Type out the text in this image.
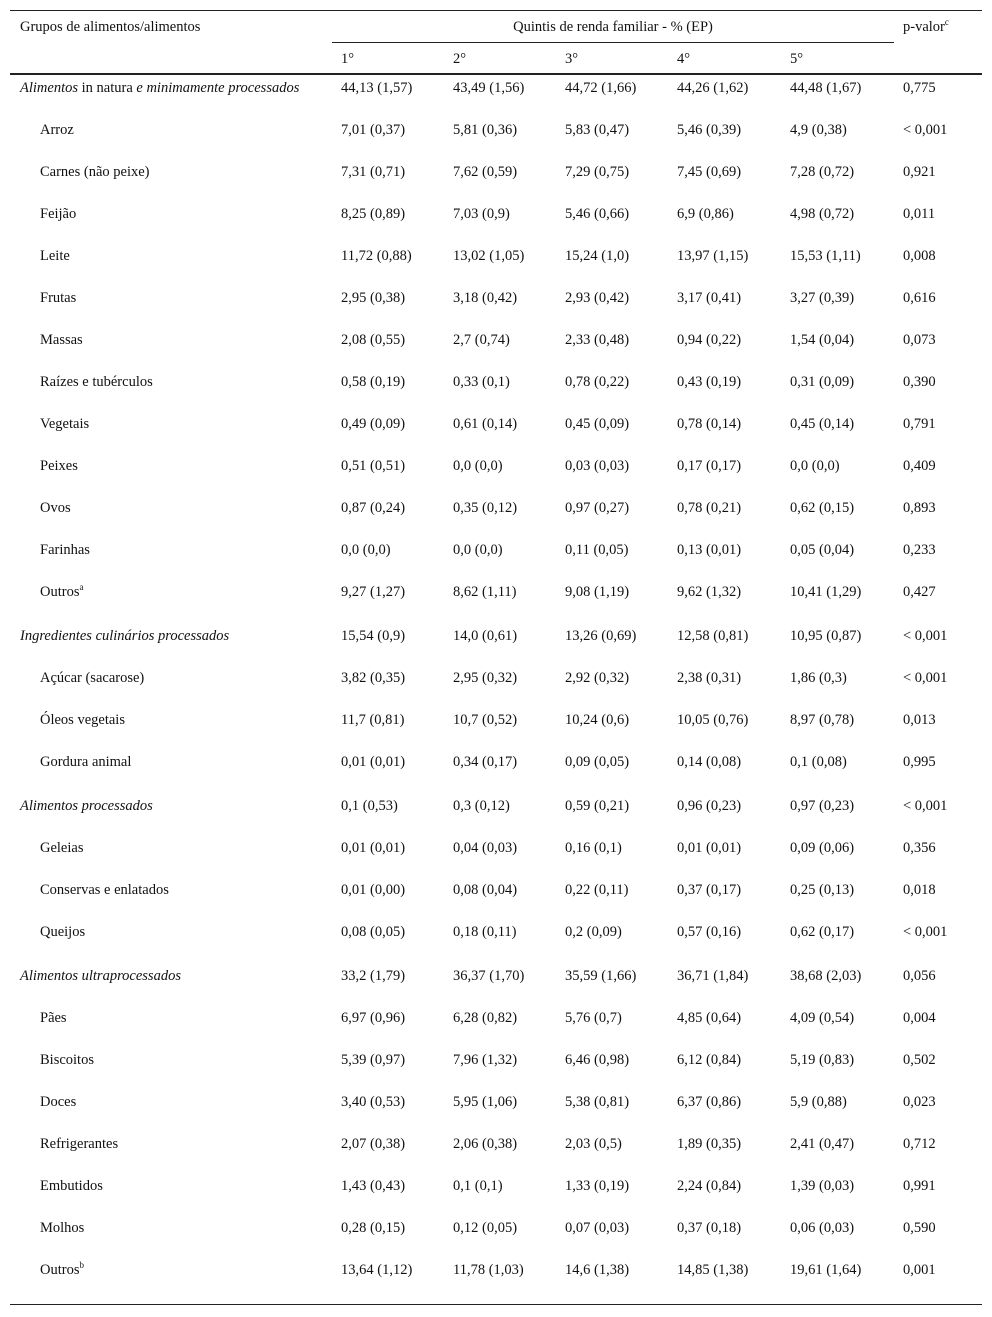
Grupos de alimentos/alimentos	Quintis de renda familiar - % (EP)	p-valor$^c$
1°	2°	3°	4°	5°
Alimentos in natura e minimamente processados	44,13 (1,57)	43,49 (1,56)	44,72 (1,66)	44,26 (1,62)	44,48 (1,67)	0,775
Arroz	7,01 (0,37)	5,81 (0,36)	5,83 (0,47)	5,46 (0,39)	4,9 (0,38)	< 0,001
Carnes (não peixe)	7,31 (0,71)	7,62 (0,59)	7,29 (0,75)	7,45 (0,69)	7,28 (0,72)	0,921
Feijão	8,25 (0,89)	7,03 (0,9)	5,46 (0,66)	6,9 (0,86)	4,98 (0,72)	0,011
Leite	11,72 (0,88)	13,02 (1,05)	15,24 (1,0)	13,97 (1,15)	15,53 (1,11)	0,008
Frutas	2,95 (0,38)	3,18 (0,42)	2,93 (0,42)	3,17 (0,41)	3,27 (0,39)	0,616
Massas	2,08 (0,55)	2,7 (0,74)	2,33 (0,48)	0,94 (0,22)	1,54 (0,04)	0,073
Raízes e tubérculos	0,58 (0,19)	0,33 (0,1)	0,78 (0,22)	0,43 (0,19)	0,31 (0,09)	0,390
Vegetais	0,49 (0,09)	0,61 (0,14)	0,45 (0,09)	0,78 (0,14)	0,45 (0,14)	0,791
Peixes	0,51 (0,51)	0,0 (0,0)	0,03 (0,03)	0,17 (0,17)	0,0 (0,0)	0,409
Ovos	0,87 (0,24)	0,35 (0,12)	0,97 (0,27)	0,78 (0,21)	0,62 (0,15)	0,893
Farinhas	0,0 (0,0)	0,0 (0,0)	0,11 (0,05)	0,13 (0,01)	0,05 (0,04)	0,233
Outros$^a$	9,27 (1,27)	8,62 (1,11)	9,08 (1,19)	9,62 (1,32)	10,41 (1,29)	0,427
Ingredientes culinários processados	15,54 (0,9)	14,0 (0,61)	13,26 (0,69)	12,58 (0,81)	10,95 (0,87)	< 0,001
Açúcar (sacarose)	3,82 (0,35)	2,95 (0,32)	2,92 (0,32)	2,38 (0,31)	1,86 (0,3)	< 0,001
Óleos vegetais	11,7 (0,81)	10,7 (0,52)	10,24 (0,6)	10,05 (0,76)	8,97 (0,78)	0,013
Gordura animal	0,01 (0,01)	0,34 (0,17)	0,09 (0,05)	0,14 (0,08)	0,1 (0,08)	0,995
Alimentos processados	0,1 (0,53)	0,3 (0,12)	0,59 (0,21)	0,96 (0,23)	0,97 (0,23)	< 0,001
Geleias	0,01 (0,01)	0,04 (0,03)	0,16 (0,1)	0,01 (0,01)	0,09 (0,06)	0,356
Conservas e enlatados	0,01 (0,00)	0,08 (0,04)	0,22 (0,11)	0,37 (0,17)	0,25 (0,13)	0,018
Queijos	0,08 (0,05)	0,18 (0,11)	0,2 (0,09)	0,57 (0,16)	0,62 (0,17)	< 0,001
Alimentos ultraprocessados	33,2 (1,79)	36,37 (1,70)	35,59 (1,66)	36,71 (1,84)	38,68 (2,03)	0,056
Pães	6,97 (0,96)	6,28 (0,82)	5,76 (0,7)	4,85 (0,64)	4,09 (0,54)	0,004
Biscoitos	5,39 (0,97)	7,96 (1,32)	6,46 (0,98)	6,12 (0,84)	5,19 (0,83)	0,502
Doces	3,40 (0,53)	5,95 (1,06)	5,38 (0,81)	6,37 (0,86)	5,9 (0,88)	0,023
Refrigerantes	2,07 (0,38)	2,06 (0,38)	2,03 (0,5)	1,89 (0,35)	2,41 (0,47)	0,712
Embutidos	1,43 (0,43)	0,1 (0,1)	1,33 (0,19)	2,24 (0,84)	1,39 (0,03)	0,991
Molhos	0,28 (0,15)	0,12 (0,05)	0,07 (0,03)	0,37 (0,18)	0,06 (0,03)	0,590
Outros$^b$	13,64 (1,12)	11,78 (1,03)	14,6 (1,38)	14,85 (1,38)	19,61 (1,64)	0,001
